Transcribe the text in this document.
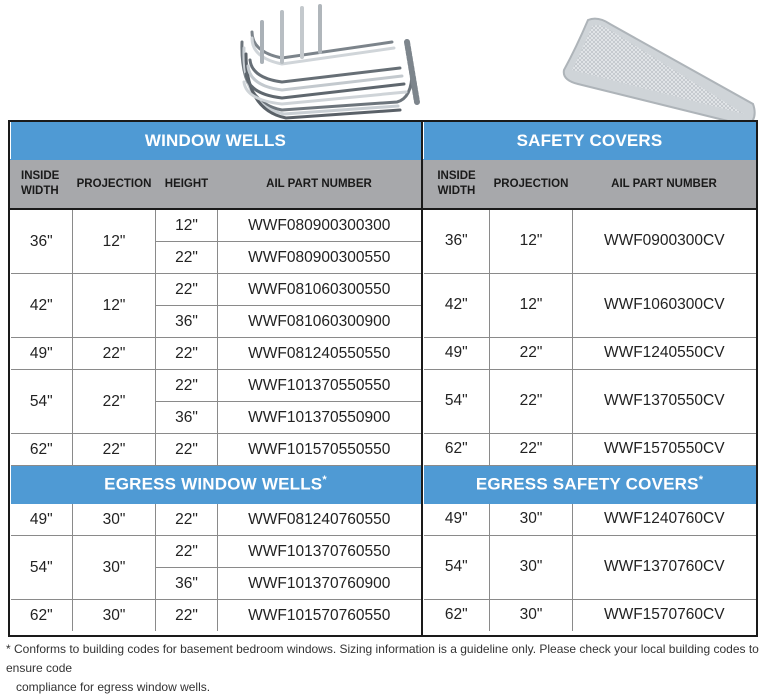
WINDOW WELLS			
INSIDE WIDTH	PROJECTION	HEIGHT	AIL PART NUMBER
36"	12"	12"	WWF080900300300
		22"	WWF080900300550
42"	12"	22"	WWF081060300550
		36"	WWF081060300900
49"	22"	22"	WWF081240550550
54"	22"	22"	WWF101370550550
		36"	WWF101370550900
62"	22"	22"	WWF101570550550
EGRESS WINDOW WELLS*
49"	30"	22"	WWF081240760550
54"	30"	22"	WWF101370760550
		36"	WWF101370760900
62"	30"	22"	WWF101570760550
SAFETY COVERS		
INSIDE WIDTH	PROJECTION	AIL PART NUMBER
36"	12"	WWF0900300CV
42"	12"	WWF1060300CV
49"	22"	WWF1240550CV
54"	22"	WWF1370550CV
62"	22"	WWF1570550CV
EGRESS SAFETY COVERS*
49"	30"	WWF1240760CV
54"	30"	WWF1370760CV
62"	30"	WWF1570760CV
* Conforms to building codes for basement bedroom windows. Sizing information is a guideline only. Please check your local building codes to ensure code
compliance for egress window wells.
